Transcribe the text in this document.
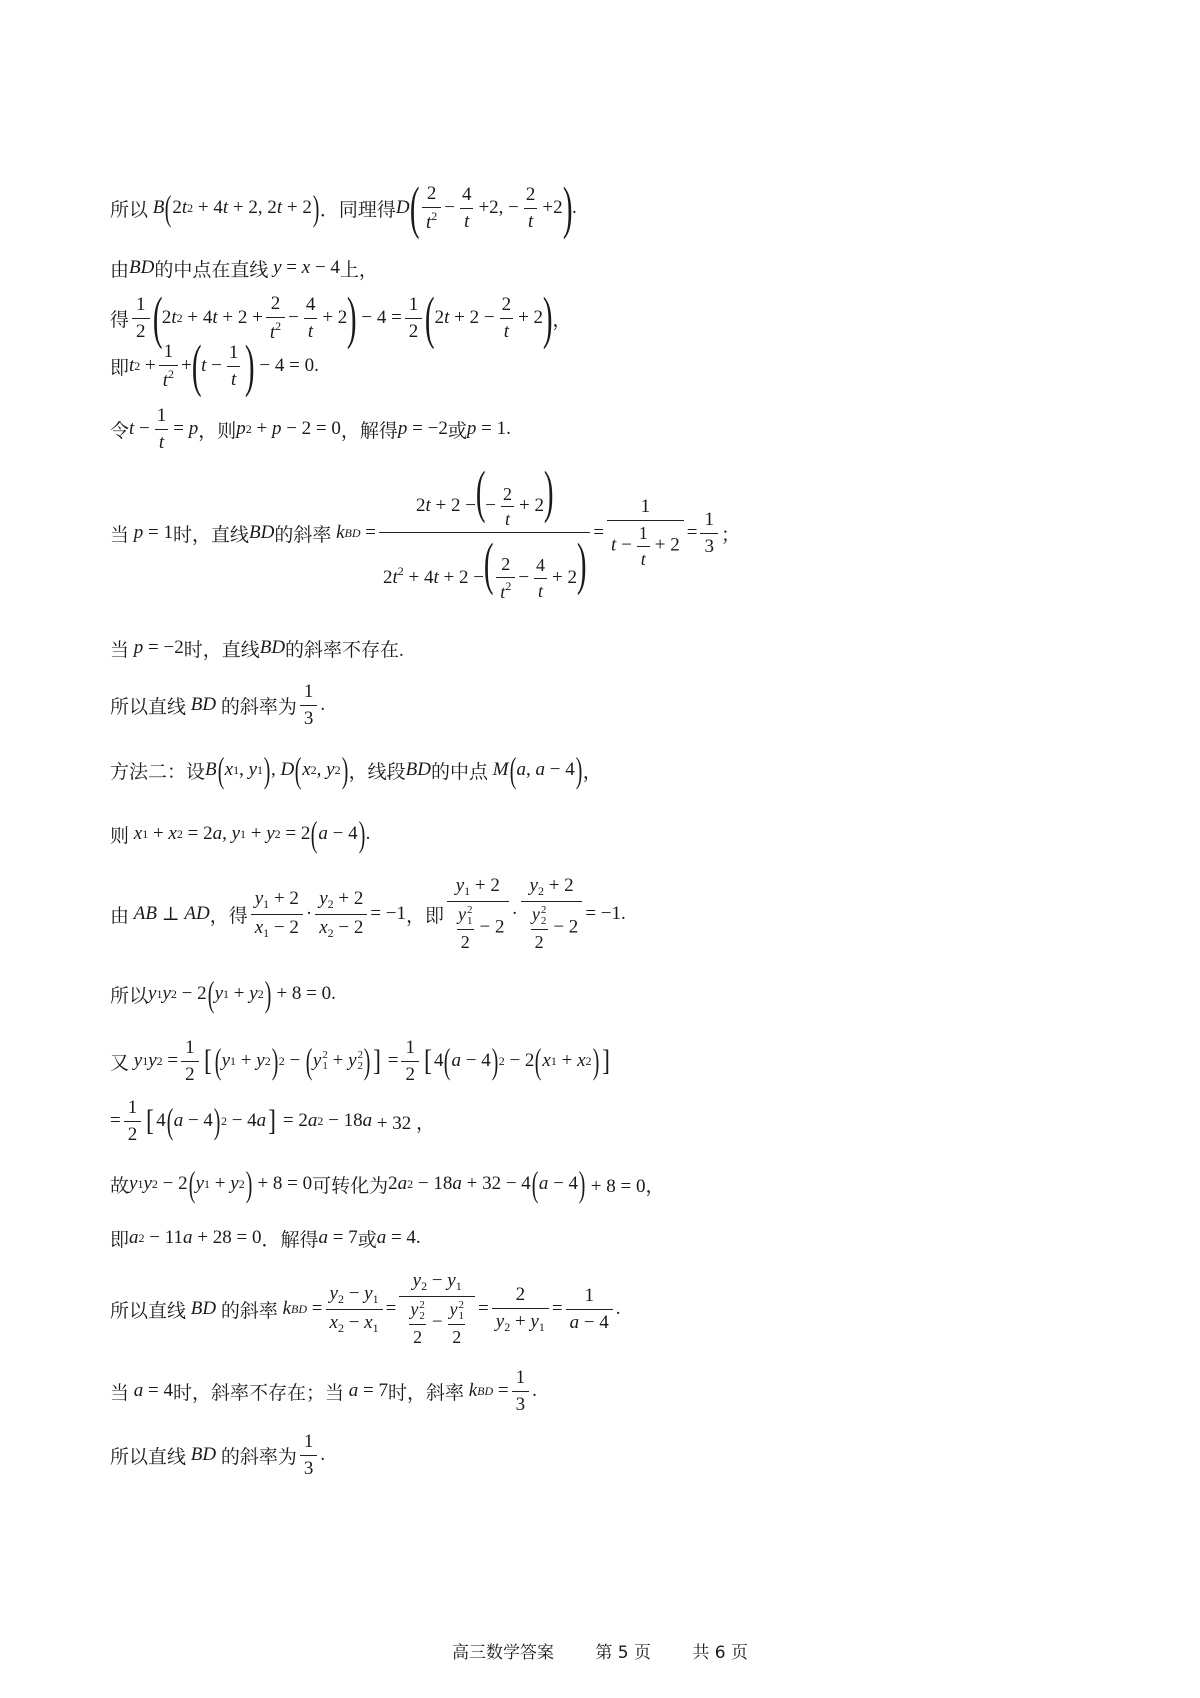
所以 B ( 2 t 2 + 4 t + 2, 2 t + 2 ) ．同理得 D ( $\frac{2}{t^2} - \frac{4}{t} +2$, − $\frac{2}{t} +2$ ) .
由 BD 的中点在直线 y = x − 4 上，
得 $\frac{1}{2}$ ( 2 t 2 + 4 $t + 2 + \frac{2}{t^2} - \frac{4}{t} + 2$ ) − $4 = \frac{1}{2}$ ( 2 $t + 2 - \frac{2}{t} + 2$ ) ，
即 t $2 + \frac{1}{t^2}$ + ( $t - \frac{1}{t}$ ) − 4 = 0.
令 $t - \frac{1}{t} = p$ ，则 p 2 + p − 2 = 0 ，解得 p = −2 或 p = 1.
当 p = 1 时，直线 BD 的斜率 k BD = $\frac{2t + 2 -(- \frac{2}{t} + 2)}{2t^2 + 4t + 2 -( \frac{2}{t^2} - \frac{4}{t} + 2)} = \frac{1}{t - \frac{1}{t} + 2} = \frac{1}{3}$ ；
当 p = −2 时，直线 BD 的斜率不存在.
所以直线 BD 的斜率为 $\frac{1}{3}$ .
方法二：设 B ( x 1 , y 1 ) , D ( x 2 , y 2 ) ，线段 BD 的中点 M ( a , a − 4 ) ，
则 x 1 + x 2 = 2 a , y 1 + y 2 = 2 ( a − 4 ) .
由 AB ⊥ AD ，得 $\frac{y_1 + 2}{x_1 - 2} \cdot \frac{y_2 + 2}{x_2 - 2} = -1$ ，即 $y_1 + 2$
y 2
1
$2 - 2 \cdot y_2 + 2$
y 2
2
2 − 2 = −1.
所以 y 1 y 2 − 2 ( y 1 + y 2 ) + 8 = 0.
又 y 1 y $2 = \frac{1}{2}$ [ ( y 1 + y 2 ) 2 − ( y 2
1 + y 2
2 ) ] = $\frac{1}{2}$ [ 4 ( a − 4 ) 2 − 2 ( x 1 + x 2 ) ]
= $\frac{1}{2}$ [ 4 ( a − 4 ) 2 − 4 a ] = 2 a 2 − 18 a + 32 ，
故 y 1 y 2 − 2 ( y 1 + y 2 ) + 8 = 0 可转化为 2 a 2 − 18 a + 32 − 4 ( a − 4 ) + 8 = 0，
即 a 2 − 11 a + 28 = 0 ．解得 a = 7 或 a = 4.
所以直线 BD 的斜率 k BD = $\frac{y_2 - y_1}{x_2 - x_1} = y_2 - y_1$
y 2
2
2 − y 2
1
$2 = \frac{2}{y_2 + y_1} = \frac{1}{a - 4}$ .
当 a = 4 时，斜率不存在；当 a = 7 时，斜率 k BD = $\frac{1}{3}$ .
所以直线 BD 的斜率为 $\frac{1}{3}$ .
高三数学答案 第 5 页 共 6 页
